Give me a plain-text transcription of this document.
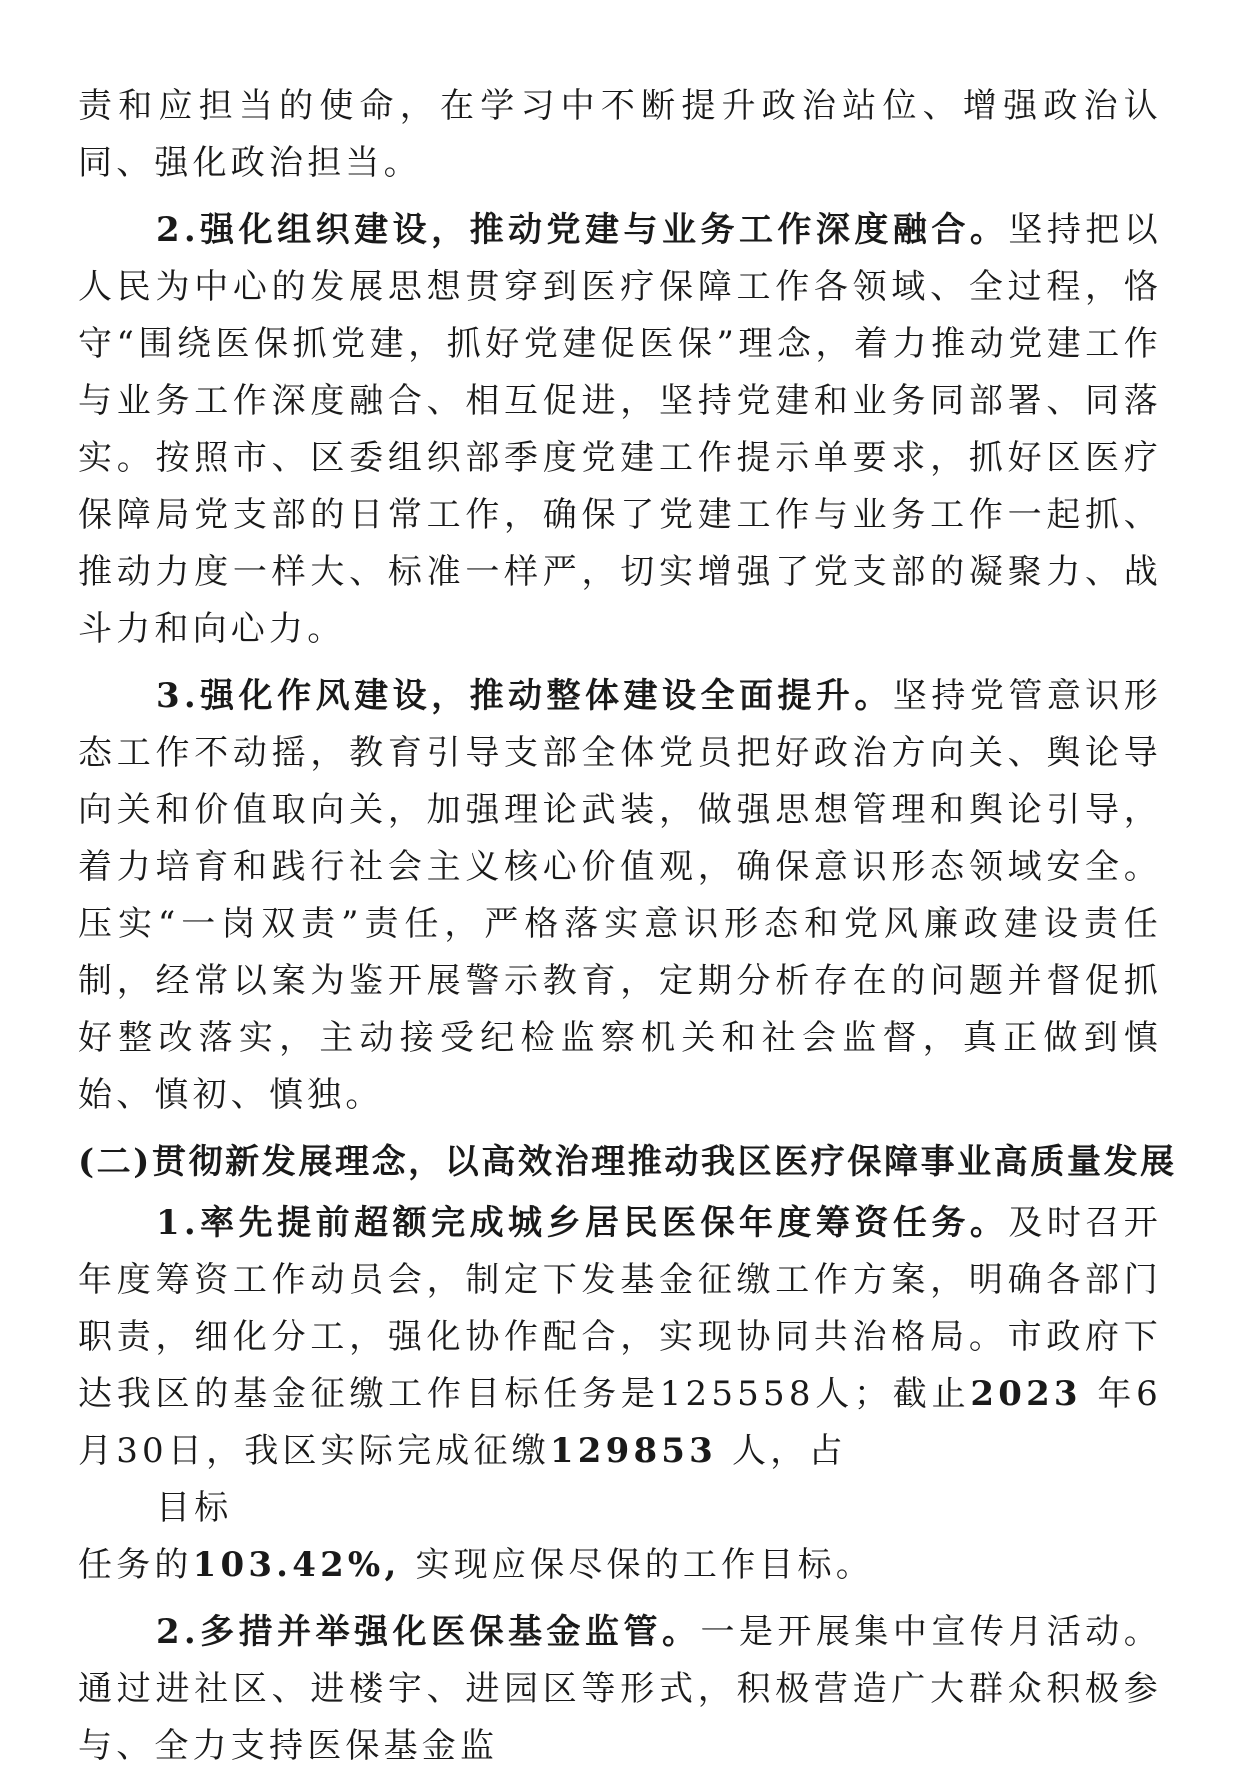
责和应担当的使命，在学习中不断提升政治站位、增强政治认同、强化政治担当。

2.强化组织建设，推动党建与业务工作深度融合。坚持把以人民为中心的发展思想贯穿到医疗保障工作各领域、全过程，恪守“围绕医保抓党建，抓好党建促医保”理念，着力推动党建工作与业务工作深度融合、相互促进，坚持党建和业务同部署、同落实。按照市、区委组织部季度党建工作提示单要求，抓好区医疗保障局党支部的日常工作，确保了党建工作与业务工作一起抓、推动力度一样大、标准一样严，切实增强了党支部的凝聚力、战斗力和向心力。

3.强化作风建设，推动整体建设全面提升。坚持党管意识形态工作不动摇，教育引导支部全体党员把好政治方向关、舆论导向关和价值取向关，加强理论武装，做强思想管理和舆论引导，着力培育和践行社会主义核心价值观，确保意识形态领域安全。压实“一岗双责”责任，严格落实意识形态和党风廉政建设责任制，经常以案为鉴开展警示教育，定期分析存在的问题并督促抓好整改落实，主动接受纪检监察机关和社会监督，真正做到慎始、慎初、慎独。

(二)贯彻新发展理念，以高效治理推动我区医疗保障事业高质量发展

1.率先提前超额完成城乡居民医保年度筹资任务。及时召开年度筹资工作动员会，制定下发基金征缴工作方案，明确各部门职责，细化分工，强化协作配合，实现协同共治格局。市政府下达我区的基金征缴工作目标任务是125558人；截止2023 年6月30日，我区实际完成征缴129853 人，占
目标
任务的103.42%, 实现应保尽保的工作目标。

2.多措并举强化医保基金监管。一是开展集中宣传月活动。通过进社区、进楼宇、进园区等形式，积极营造广大群众积极参与、全力支持医保基金监
